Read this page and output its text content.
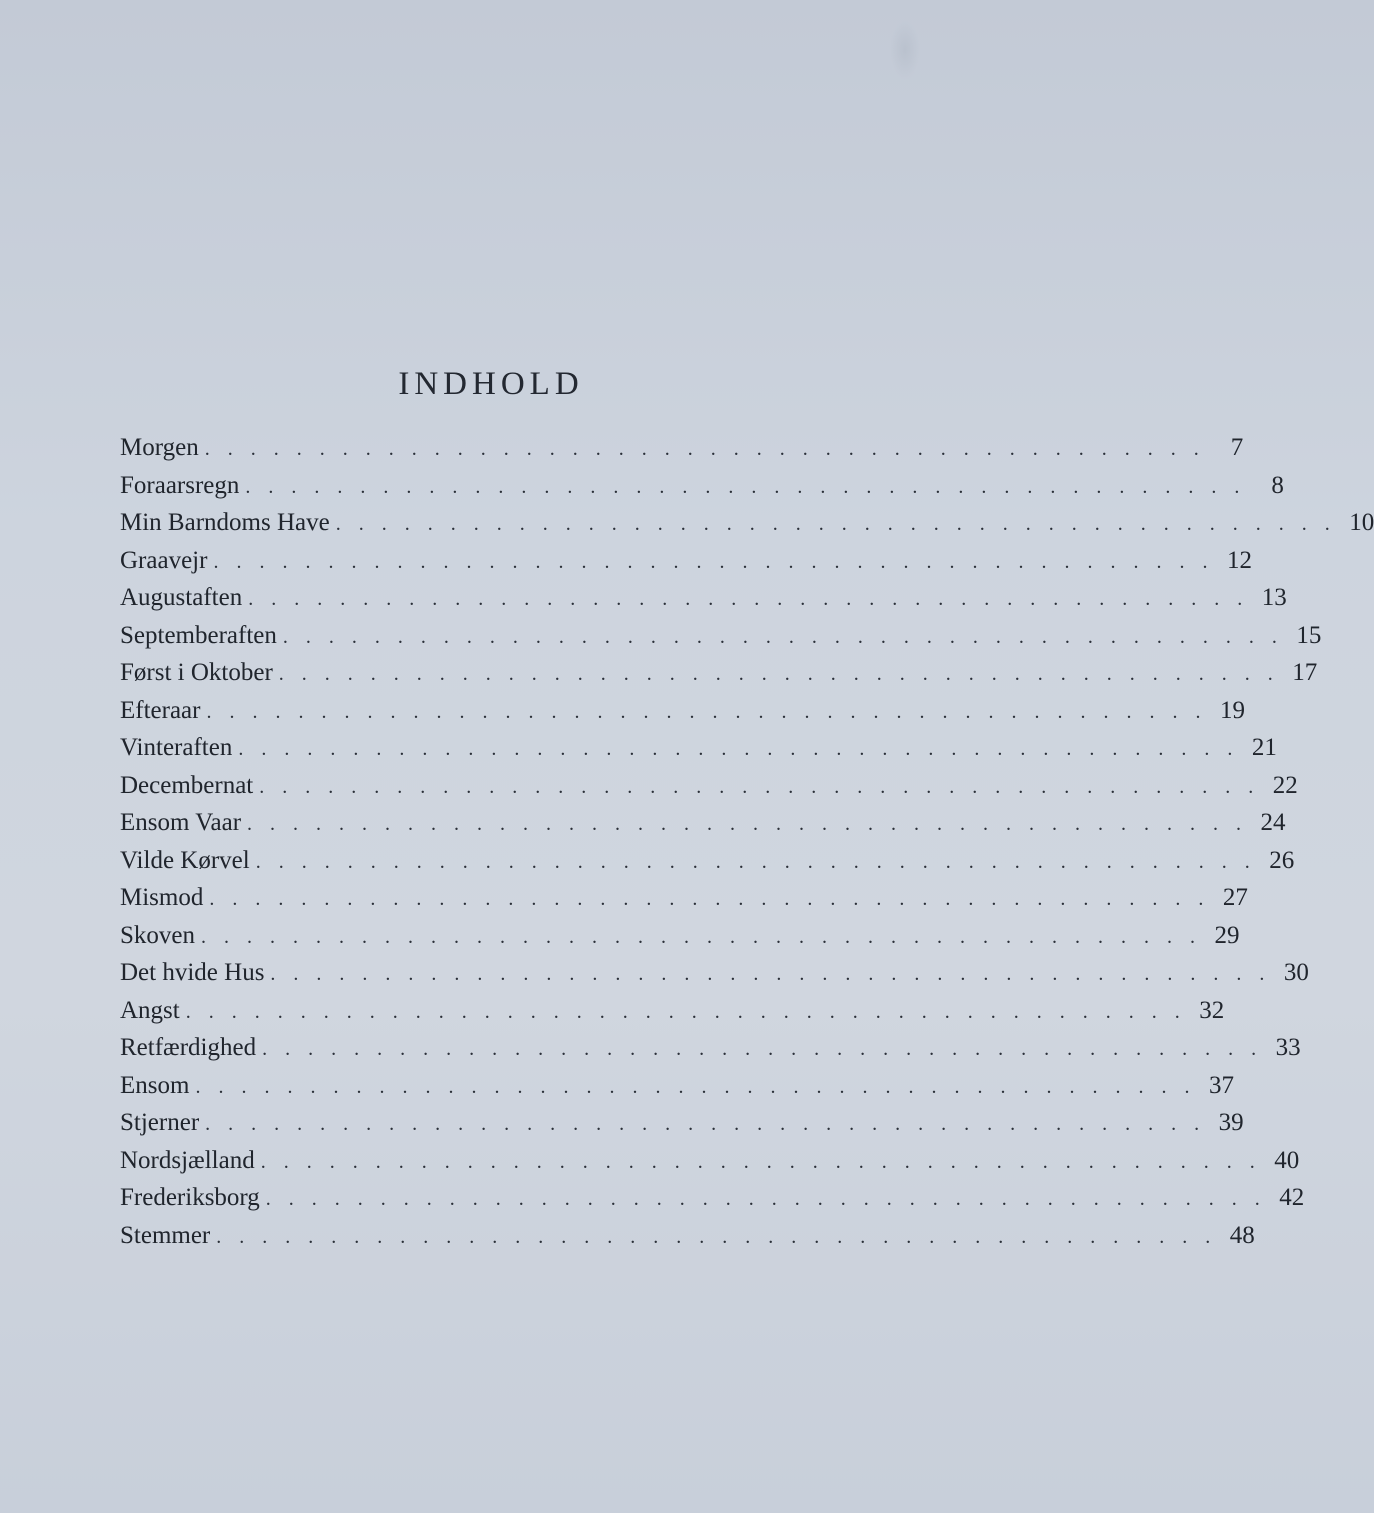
INDHOLD
Morgen . . . . . . . . . . . . . . . . . . . . . . . . . . . . . . . . . . . . . . . . . . . .	7
Foraarsregn . . . . . . . . . . . . . . . . . . . . . . . . . . . . . . . . . . . . . . . . . . . .	8
Min Barndoms Have . . . . . . . . . . . . . . . . . . . . . . . . . . . . . . . . . . . . . . . . . . . . 10
Graavejr . . . . . . . . . . . . . . . . . . . . . . . . . . . . . . . . . . . . . . . . . . . . 12
Augustaften . . . . . . . . . . . . . . . . . . . . . . . . . . . . . . . . . . . . . . . . . . . . 13
Septemberaften . . . . . . . . . . . . . . . . . . . . . . . . . . . . . . . . . . . . . . . . . . . . 15
Først i Oktober . . . . . . . . . . . . . . . . . . . . . . . . . . . . . . . . . . . . . . . . . . . . 17
Efteraar . . . . . . . . . . . . . . . . . . . . . . . . . . . . . . . . . . . . . . . . . . . . 19
Vinteraften . . . . . . . . . . . . . . . . . . . . . . . . . . . . . . . . . . . . . . . . . . . . 21
Decembernat . . . . . . . . . . . . . . . . . . . . . . . . . . . . . . . . . . . . . . . . . . . . 22
Ensom Vaar . . . . . . . . . . . . . . . . . . . . . . . . . . . . . . . . . . . . . . . . . . . . 24
Vilde Kørvel . . . . . . . . . . . . . . . . . . . . . . . . . . . . . . . . . . . . . . . . . . . . 26
Mismod . . . . . . . . . . . . . . . . . . . . . . . . . . . . . . . . . . . . . . . . . . . . 27
Skoven . . . . . . . . . . . . . . . . . . . . . . . . . . . . . . . . . . . . . . . . . . . . 29
Det hvide Hus . . . . . . . . . . . . . . . . . . . . . . . . . . . . . . . . . . . . . . . . . . . . 30
Angst . . . . . . . . . . . . . . . . . . . . . . . . . . . . . . . . . . . . . . . . . . . . 32
Retfærdighed . . . . . . . . . . . . . . . . . . . . . . . . . . . . . . . . . . . . . . . . . . . . 33
Ensom . . . . . . . . . . . . . . . . . . . . . . . . . . . . . . . . . . . . . . . . . . . . 37
Stjerner . . . . . . . . . . . . . . . . . . . . . . . . . . . . . . . . . . . . . . . . . . . . 39
Nordsjælland . . . . . . . . . . . . . . . . . . . . . . . . . . . . . . . . . . . . . . . . . . . . 40
Frederiksborg . . . . . . . . . . . . . . . . . . . . . . . . . . . . . . . . . . . . . . . . . . . . 42
Stemmer . . . . . . . . . . . . . . . . . . . . . . . . . . . . . . . . . . . . . . . . . . . . 48
